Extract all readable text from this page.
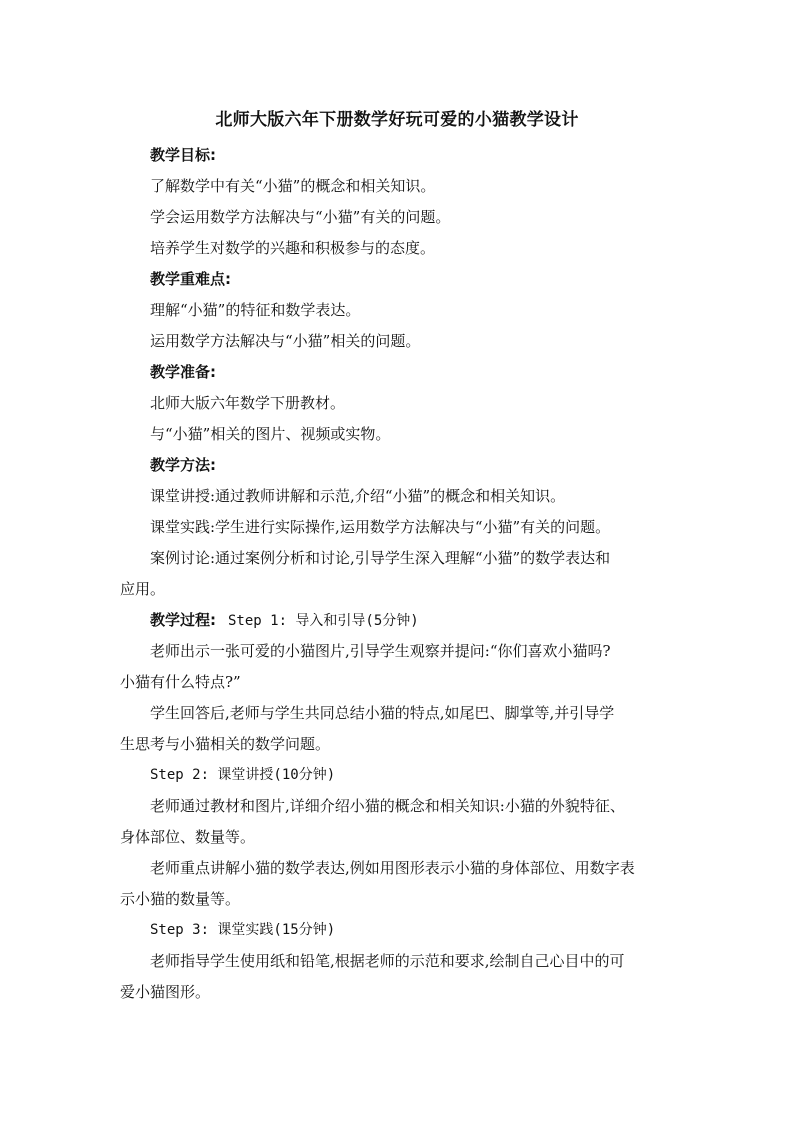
北师大版六年下册数学好玩可爱的小猫教学设计
教学目标:
了解数学中有关“小猫”的概念和相关知识。
学会运用数学方法解决与“小猫”有关的问题。
培养学生对数学的兴趣和积极参与的态度。
教学重难点:
理解“小猫”的特征和数学表达。
运用数学方法解决与“小猫”相关的问题。
教学准备:
北师大版六年数学下册教材。
与“小猫”相关的图片、视频或实物。
教学方法:
课堂讲授:通过教师讲解和示范,介绍“小猫”的概念和相关知识。
课堂实践:学生进行实际操作,运用数学方法解决与“小猫”有关的问题。
案例讨论:通过案例分析和讨论,引导学生深入理解“小猫”的数学表达和
应用。
教学过程: Step 1: 导入和引导(5分钟)
老师出示一张可爱的小猫图片,引导学生观察并提问:“你们喜欢小猫吗?
小猫有什么特点?”
学生回答后,老师与学生共同总结小猫的特点,如尾巴、脚掌等,并引导学
生思考与小猫相关的数学问题。
Step 2: 课堂讲授(10分钟)
老师通过教材和图片,详细介绍小猫的概念和相关知识:小猫的外貌特征、
身体部位、数量等。
老师重点讲解小猫的数学表达,例如用图形表示小猫的身体部位、用数字表
示小猫的数量等。
Step 3: 课堂实践(15分钟)
老师指导学生使用纸和铅笔,根据老师的示范和要求,绘制自己心目中的可
爱小猫图形。
